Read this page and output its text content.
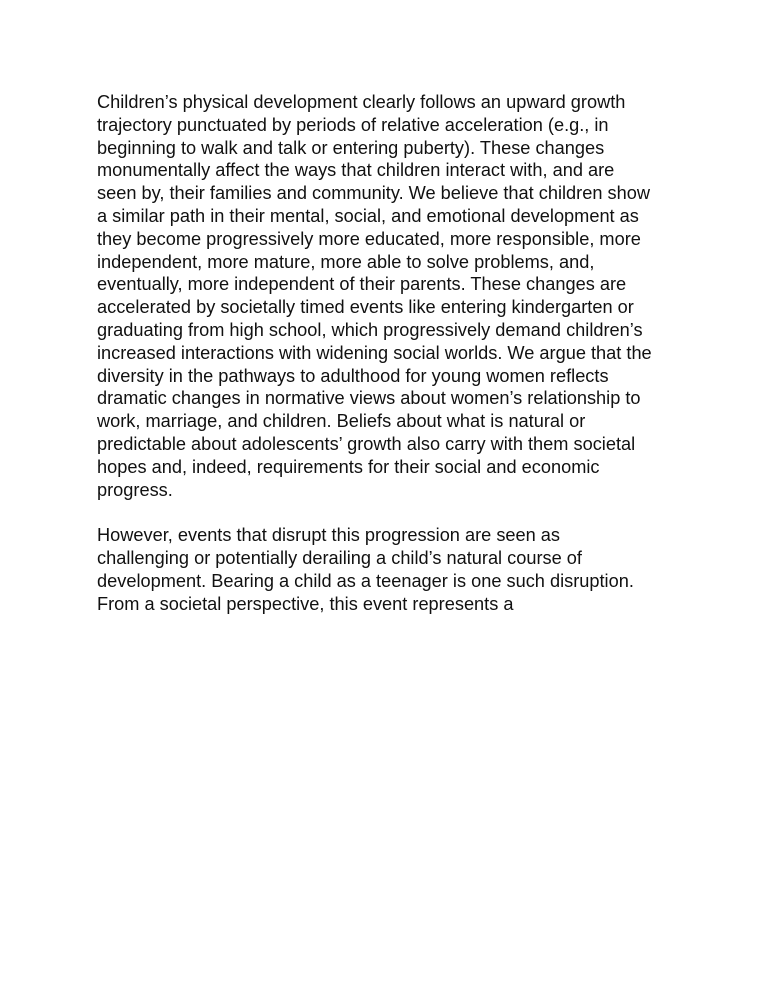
Children’s physical development clearly follows an upward growth
trajectory punctuated by periods of relative acceleration (e.g., in
beginning to walk and talk or entering puberty). These changes
monumentally affect the ways that children interact with, and are
seen by, their families and community. We believe that children show
a similar path in their mental, social, and emotional development as
they become progressively more educated, more responsible, more
independent, more mature, more able to solve problems, and,
eventually, more independent of their parents. These changes are
accelerated by societally timed events like entering kindergarten or
graduating from high school, which progressively demand children’s
increased interactions with widening social worlds. We argue that the
diversity in the pathways to adulthood for young women reflects
dramatic changes in normative views about women’s relationship to
work, marriage, and children. Beliefs about what is natural or
predictable about adolescents’ growth also carry with them societal
hopes and, indeed, requirements for their social and economic
progress.

However, events that disrupt this progression are seen as
challenging or potentially derailing a child’s natural course of
development. Bearing a child as a teenager is one such disruption.
From a societal perspective, this event represents a
